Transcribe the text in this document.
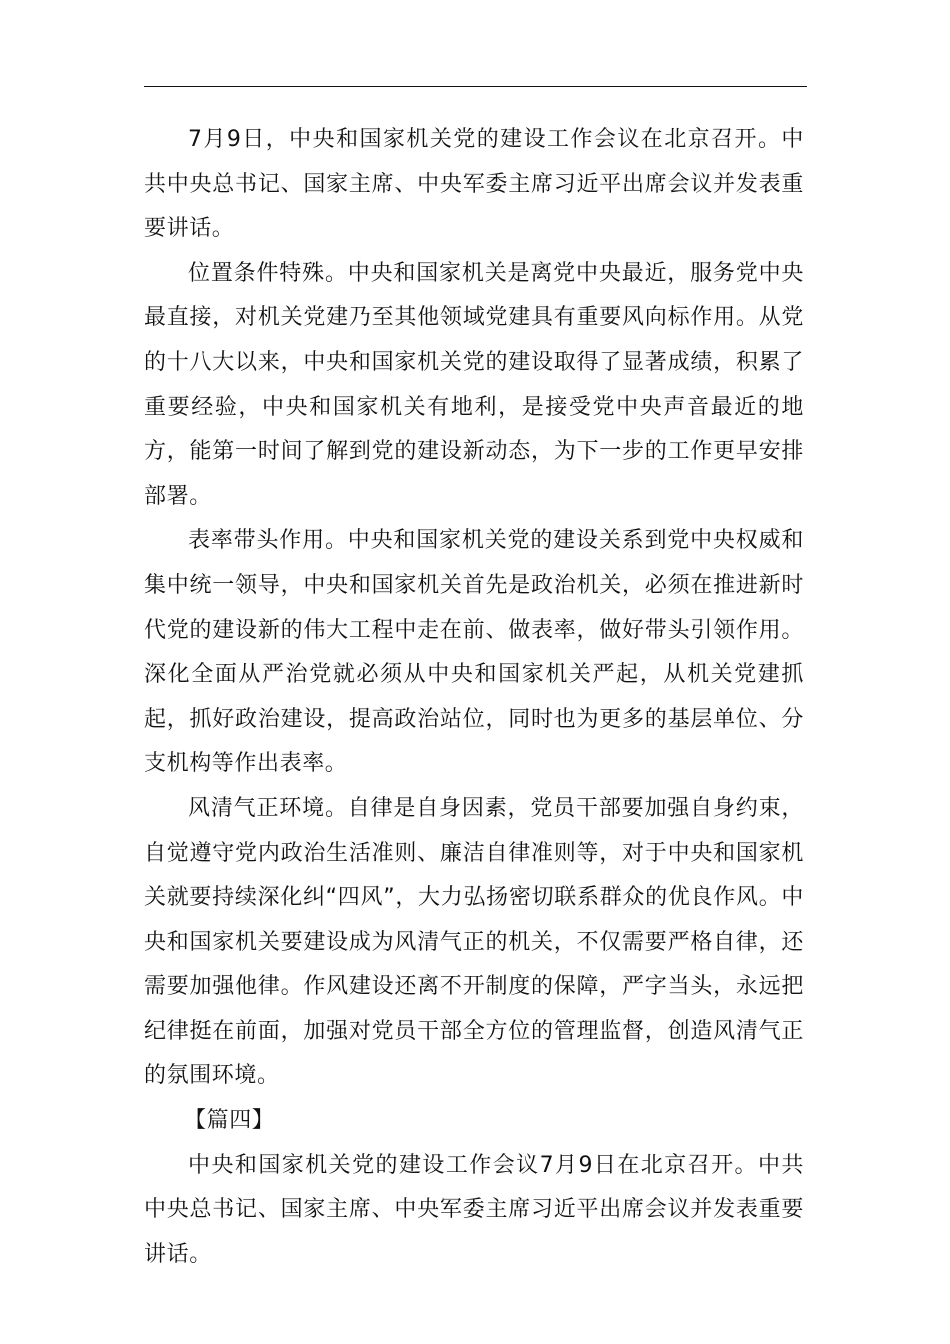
7月9日，中央和国家机关党的建设工作会议在北京召开。中共中央总书记、国家主席、中央军委主席习近平出席会议并发表重要讲话。

位置条件特殊。中央和国家机关是离党中央最近，服务党中央最直接，对机关党建乃至其他领域党建具有重要风向标作用。从党的十八大以来，中央和国家机关党的建设取得了显著成绩，积累了重要经验，中央和国家机关有地利，是接受党中央声音最近的地方，能第一时间了解到党的建设新动态，为下一步的工作更早安排部署。

表率带头作用。中央和国家机关党的建设关系到党中央权威和集中统一领导，中央和国家机关首先是政治机关，必须在推进新时代党的建设新的伟大工程中走在前、做表率，做好带头引领作用。深化全面从严治党就必须从中央和国家机关严起，从机关党建抓起，抓好政治建设，提高政治站位，同时也为更多的基层单位、分支机构等作出表率。

风清气正环境。自律是自身因素，党员干部要加强自身约束，自觉遵守党内政治生活准则、廉洁自律准则等，对于中央和国家机关就要持续深化纠“四风”，大力弘扬密切联系群众的优良作风。中央和国家机关要建设成为风清气正的机关，不仅需要严格自律，还需要加强他律。作风建设还离不开制度的保障，严字当头，永远把纪律挺在前面，加强对党员干部全方位的管理监督，创造风清气正的氛围环境。

【篇四】

中央和国家机关党的建设工作会议7月9日在北京召开。中共中央总书记、国家主席、中央军委主席习近平出席会议并发表重要讲话。
